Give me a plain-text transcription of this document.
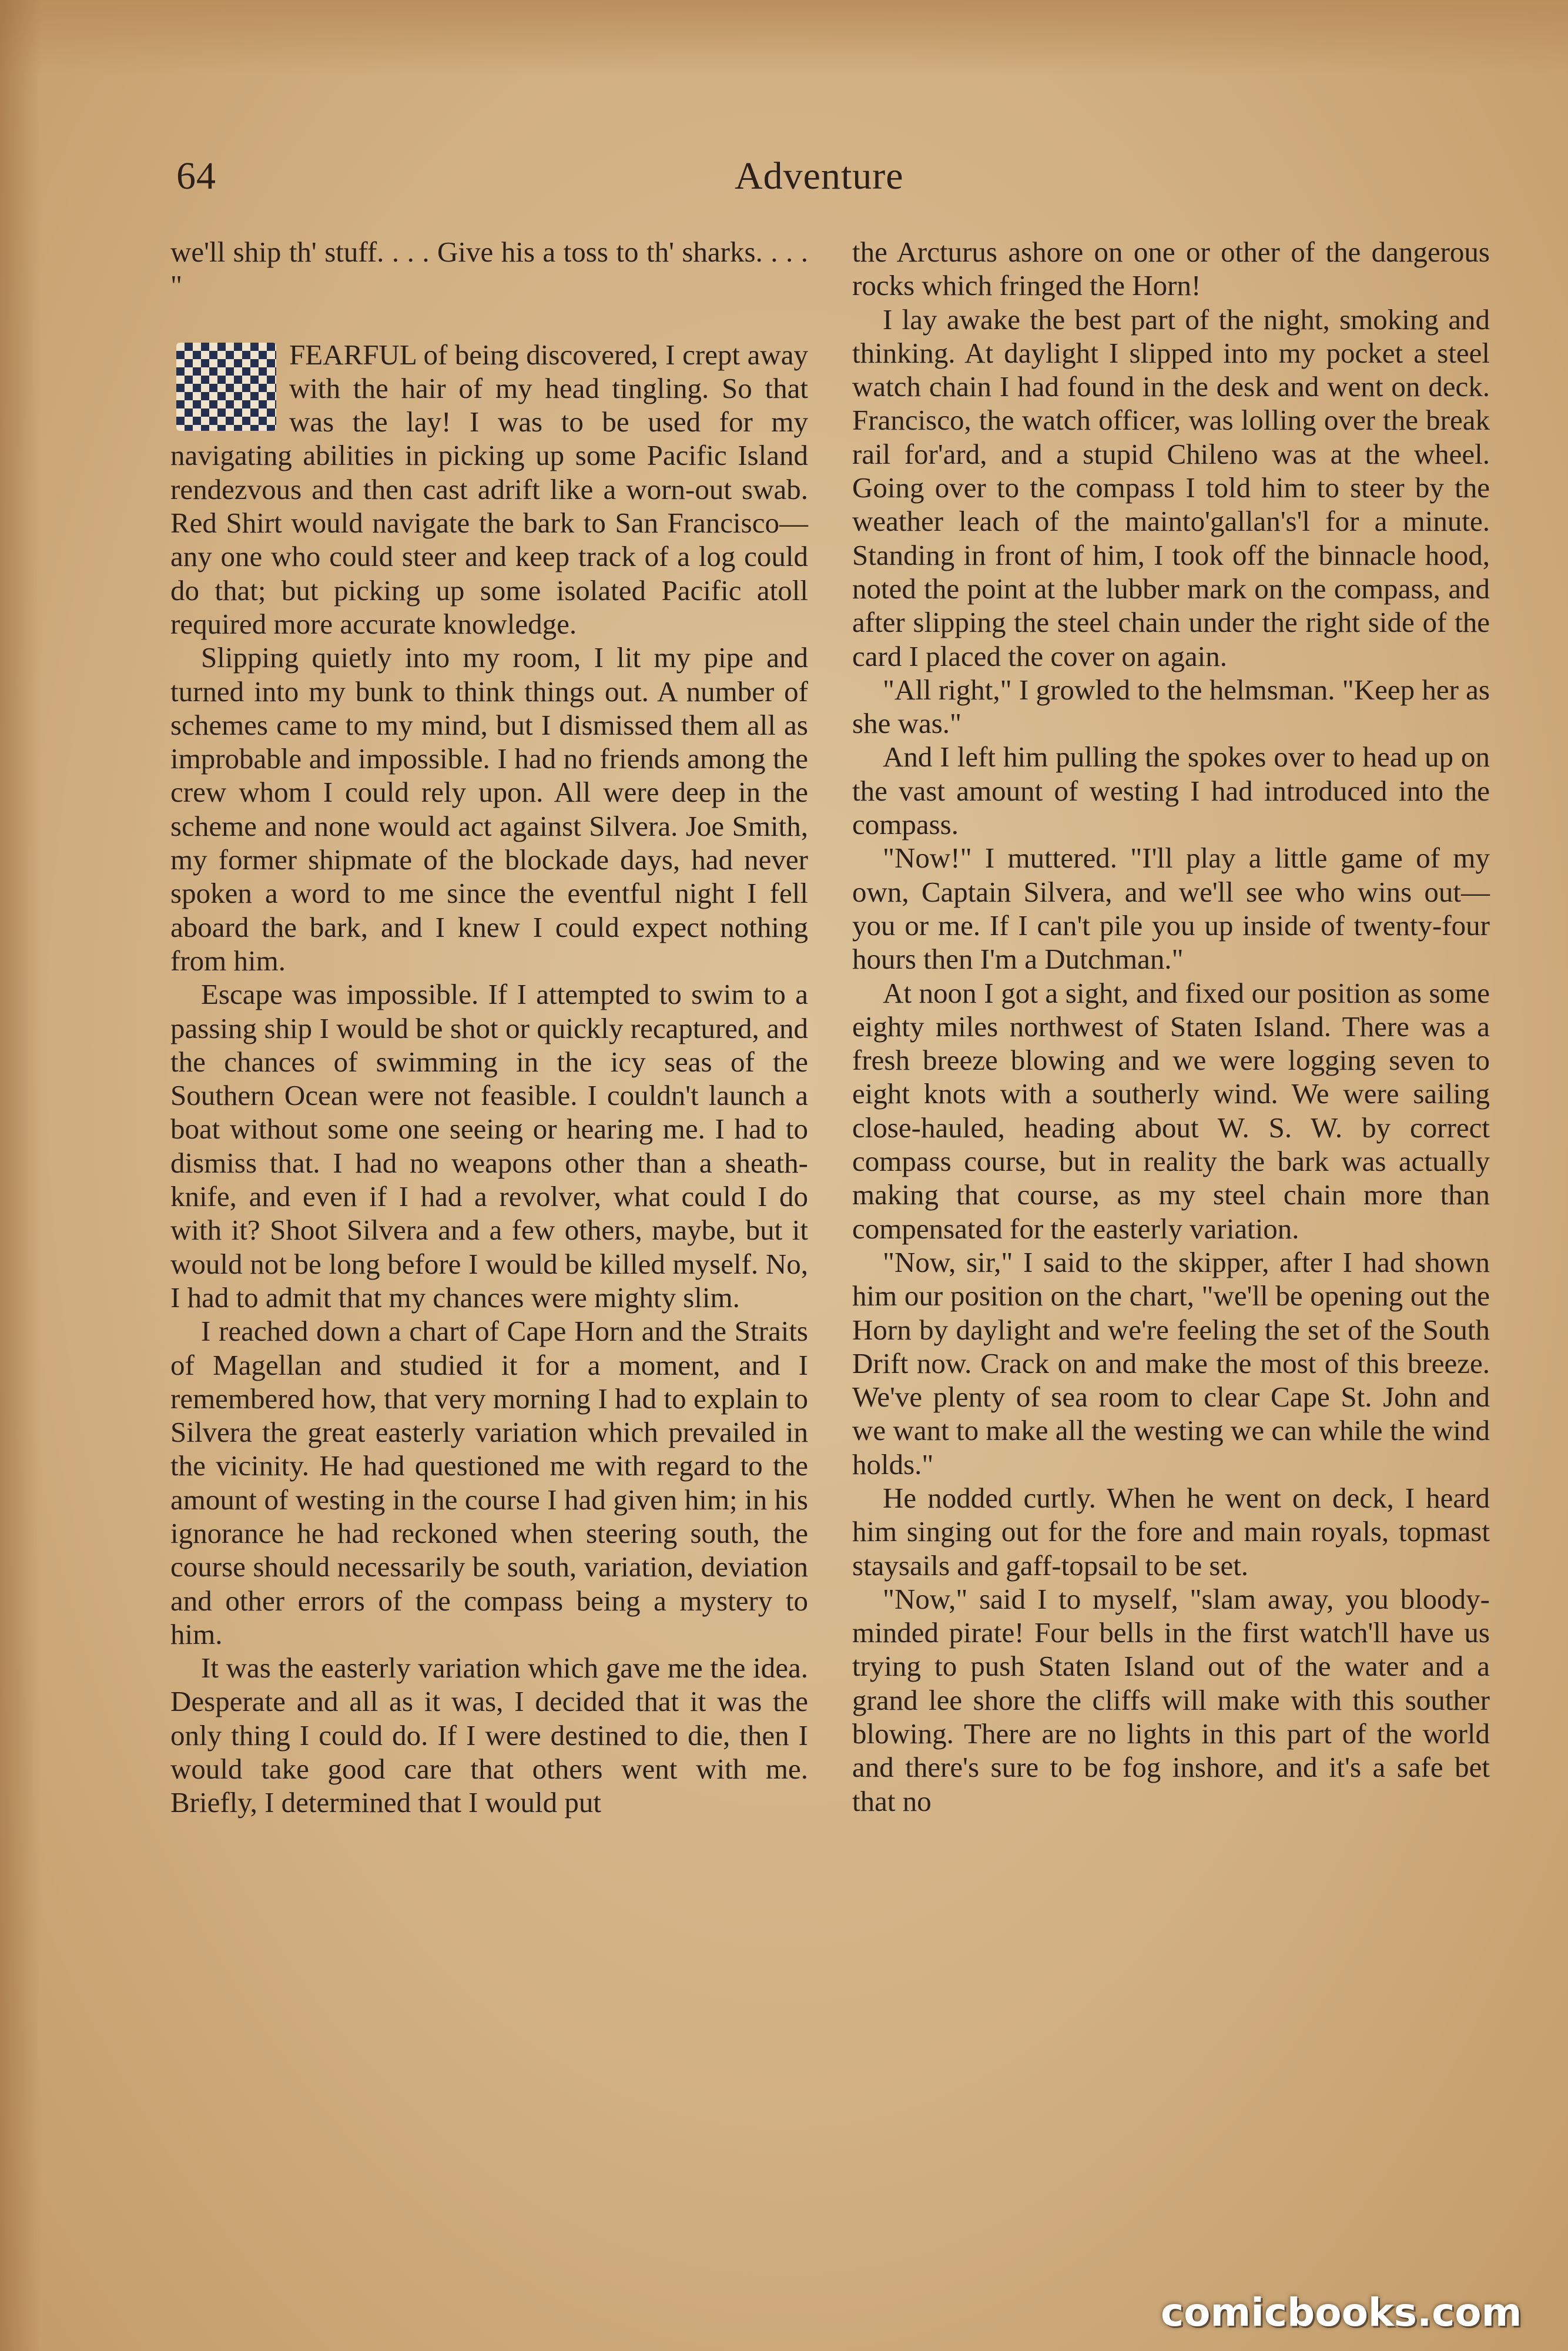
64	Adventure

we'll ship th' stuff. . . . Give his a toss to th' sharks. . . . "

FEARFUL of being discovered, I crept away with the hair of my head tingling. So that was the lay! I was to be used for my navigating abilities in picking up some Pacific Island rendezvous and then cast adrift like a worn-out swab. Red Shirt would navigate the bark to San Francisco—any one who could steer and keep track of a log could do that; but picking up some isolated Pacific atoll required more accurate knowledge.

Slipping quietly into my room, I lit my pipe and turned into my bunk to think things out. A number of schemes came to my mind, but I dismissed them all as improbable and impossible. I had no friends among the crew whom I could rely upon. All were deep in the scheme and none would act against Silvera. Joe Smith, my former shipmate of the blockade days, had never spoken a word to me since the eventful night I fell aboard the bark, and I knew I could expect nothing from him.

Escape was impossible. If I attempted to swim to a passing ship I would be shot or quickly recaptured, and the chances of swimming in the icy seas of the Southern Ocean were not feasible. I couldn't launch a boat without some one seeing or hearing me. I had to dismiss that. I had no weapons other than a sheath-knife, and even if I had a revolver, what could I do with it? Shoot Silvera and a few others, maybe, but it would not be long before I would be killed myself. No, I had to admit that my chances were mighty slim.

I reached down a chart of Cape Horn and the Straits of Magellan and studied it for a moment, and I remembered how, that very morning I had to explain to Silvera the great easterly variation which prevailed in the vicinity. He had questioned me with regard to the amount of westing in the course I had given him; in his ignorance he had reckoned when steering south, the course should necessarily be south, variation, deviation and other errors of the compass being a mystery to him.

It was the easterly variation which gave me the idea. Desperate and all as it was, I decided that it was the only thing I could do. If I were destined to die, then I would take good care that others went with me. Briefly, I determined that I would put

the Arcturus ashore on one or other of the dangerous rocks which fringed the Horn!

I lay awake the best part of the night, smoking and thinking. At daylight I slipped into my pocket a steel watch chain I had found in the desk and went on deck. Francisco, the watch officer, was lolling over the break rail for'ard, and a stupid Chileno was at the wheel. Going over to the compass I told him to steer by the weather leach of the mainto'gallan's'l for a minute. Standing in front of him, I took off the binnacle hood, noted the point at the lubber mark on the compass, and after slipping the steel chain under the right side of the card I placed the cover on again.

"All right," I growled to the helmsman. "Keep her as she was."

And I left him pulling the spokes over to head up on the vast amount of westing I had introduced into the compass.

"Now!" I muttered. "I'll play a little game of my own, Captain Silvera, and we'll see who wins out—you or me. If I can't pile you up inside of twenty-four hours then I'm a Dutchman."

At noon I got a sight, and fixed our position as some eighty miles northwest of Staten Island. There was a fresh breeze blowing and we were logging seven to eight knots with a southerly wind. We were sailing close-hauled, heading about W. S. W. by correct compass course, but in reality the bark was actually making that course, as my steel chain more than compensated for the easterly variation.

"Now, sir," I said to the skipper, after I had shown him our position on the chart, "we'll be opening out the Horn by daylight and we're feeling the set of the South Drift now. Crack on and make the most of this breeze. We've plenty of sea room to clear Cape St. John and we want to make all the westing we can while the wind holds."

He nodded curtly. When he went on deck, I heard him singing out for the fore and main royals, topmast staysails and gaff-topsail to be set.

"Now," said I to myself, "slam away, you bloody-minded pirate! Four bells in the first watch'll have us trying to push Staten Island out of the water and a grand lee shore the cliffs will make with this souther blowing. There are no lights in this part of the world and there's sure to be fog inshore, and it's a safe bet that no

comicbooks.com
